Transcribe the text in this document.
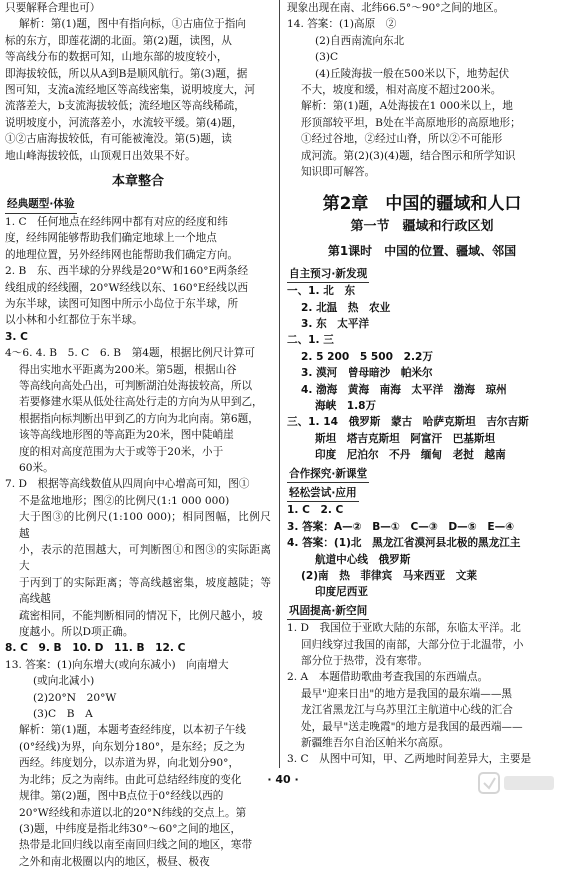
只要解释合理也可）

解析：第(1)题，图中有指向标，①古庙位于指向

标的东方，即莲花湖的北面。第(2)题，读图，从

等高线分布的数据可知，山地东部的坡度较小，

即海拔较低，所以从A到B是顺风航行。第(3)题，据

图可知，支流a流经地区等高线密集，说明坡度大，河

流落差大，b支流海拔较低；流经地区等高线稀疏，

说明坡度小，河流落差小，水流较平缓。第(4)题，

①②古庙海拔较低，有可能被淹没。第(5)题，读

地山峰海拔较低，山顶观日出效果不好。

本章整合
经典题型·体验

1. C　任何地点在经纬网中都有对应的经度和纬

度，经纬网能够帮助我们确定地球上一个地点

的地理位置，另外经纬网也能帮助我们确定方向。

2. B　东、西半球的分界线是20°W和160°E两条经

线组成的经线圈，20°W经线以东、160°E经线以西

为东半球，读图可知图中所示小岛位于东半球，所

以小林和小红都位于东半球。

3. C

4～6. 4. B　5. C　6. B　第4题，根据比例尺计算可

得出实地水平距离为200米。第5题，根据山谷

等高线向高处凸出，可判断湖泊处海拔较高，所以

若要修建水渠从低处往高处行走的方向为从甲到乙，

根据指向标判断出甲到乙的方向为北向南。第6题，

该等高线地形图的等高距为20米，图中陡峭崖

度的相对高度范围为大于或等于20米，小于

60米。

7. D　根据等高线数值从四周向中心增高可知，图①

不是盆地地形；图②的比例尺(1:1 000 000)

大于图③的比例尺(1:100 000)；相同图幅，比例尺越

小，表示的范围越大，可判断图①和图③的实际距离大

于丙到丁的实际距离；等高线越密集，坡度越陡；等高线越

疏密相同，不能判断相同的情况下，比例尺越小，坡

度越小。所以D项正确。

8. C　9. B　10. D　11. B　12. C

13. 答案：(1)向东增大(或向东减小)　向南增大

(或向北减小)

(2)20°N　20°W

(3)C　B　A

解析：第(1)题，本题考查经纬度，以本初子午线

(0°经线)为界，向东划分180°，是东经；反之为

西经。纬度划分，以赤道为界，向北划分90°，

为北纬；反之为南纬。由此可总结经纬度的变化

规律。第(2)题，图中B点位于0°经线以西的

20°W经线和赤道以北的20°N纬线的交点上。第

(3)题，中纬度是指北纬30°～60°之间的地区，

热带是北回归线以南至南回归线之间的地区，寒带

之外和南北极圈以内的地区，极昼、极夜

现象出现在南、北纬66.5°～90°之间的地区。

14. 答案：(1)高原　②

(2)自西南流向东北

(3)C

(4)丘陵海拔一般在500米以下，地势起伏

不大，坡度和缓，相对高度不超过200米。

解析：第(1)题，A处海拔在1 000米以上，地

形顶部较平坦，B处在半高原地形的高原地形；

①经过谷地，②经过山脊，所以②不可能形

成河流。第(2)(3)(4)题，结合图示和所学知识

知识即可解答。

第2章　中国的疆域和人口
第一节　疆域和行政区划
第1课时　中国的位置、疆域、邻国
自主预习·新发现

一、1. 北　东

2. 北温　热　农业

3. 东　太平洋

二、1. 三

2. 5 200　5 500　2.2万

3. 漠河　曾母暗沙　帕米尔

4. 渤海　黄海　南海　太平洋　渤海　琼州

海峡　1.8万

三、1. 14　俄罗斯　蒙古　哈萨克斯坦　吉尔吉斯

斯坦　塔吉克斯坦　阿富汗　巴基斯坦

印度　尼泊尔　不丹　缅甸　老挝　越南

合作探究·新课堂
轻松尝试·应用

1. C　2. C

3. 答案：A—②　B—①　C—③　D—⑤　E—④

4. 答案：(1)北　黑龙江省漠河县北极的黑龙江主

航道中心线　俄罗斯

(2)南　热　菲律宾　马来西亚　文莱

印度尼西亚

巩固提高·新空间

1. D　我国位于亚欧大陆的东部，东临太平洋。北

回归线穿过我国的南部，大部分位于北温带，小

部分位于热带，没有寒带。

2. A　本题借助歌曲考查我国的东西端点。

最早"迎来日出"的地方是我国的最东端——黑

龙江省黑龙江与乌苏里江主航道中心线的汇合

处，最早"送走晚霞"的地方是我国的最西端——

新疆维吾尔自治区帕米尔高原。

3. C　从图中可知，甲、乙两地时间差异大，主要是

· 40 ·
